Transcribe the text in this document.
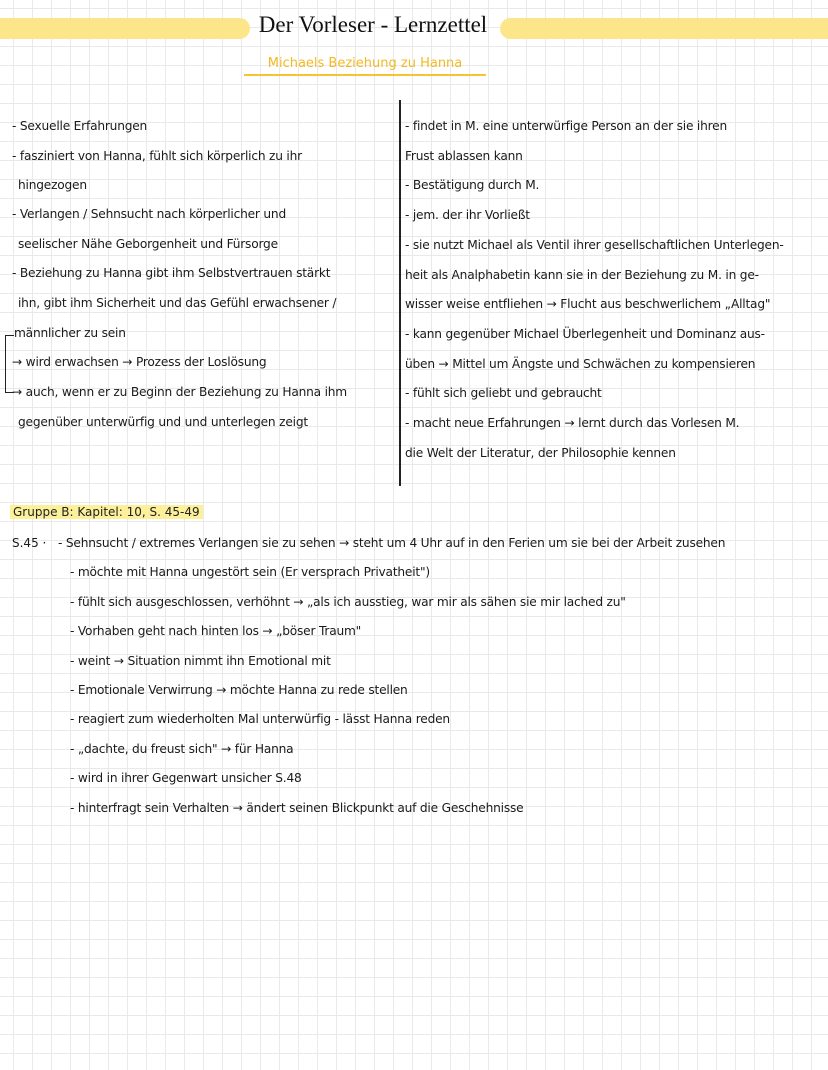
Der Vorleser - Lernzettel
Michaels Beziehung zu Hanna
- Sexuelle Erfahrungen
- fasziniert von Hanna, fühlt sich körperlich zu ihr
hingezogen
- Verlangen / Sehnsucht nach körperlicher und
seelischer Nähe Geborgenheit und Fürsorge
- Beziehung zu Hanna gibt ihm Selbstvertrauen stärkt
ihn, gibt ihm Sicherheit und das Gefühl erwachsener /
männlicher zu sein
→ wird erwachsen → Prozess der Loslösung
→ auch, wenn er zu Beginn der Beziehung zu Hanna ihm
gegenüber unterwürfig und und unterlegen zeigt
- findet in M. eine unterwürfige Person an der sie ihren
Frust ablassen kann
- Bestätigung durch M.
- jem. der ihr Vorließt
- sie nutzt Michael als Ventil ihrer gesellschaftlichen Unterlegen-
heit als Analphabetin kann sie in der Beziehung zu M. in ge-
wisser weise entfliehen → Flucht aus beschwerlichem „Alltag"
- kann gegenüber Michael Überlegenheit und Dominanz aus-
üben → Mittel um Ängste und Schwächen zu kompensieren
- fühlt sich geliebt und gebraucht
- macht neue Erfahrungen → lernt durch das Vorlesen M.
die Welt der Literatur, der Philosophie kennen
Gruppe B: Kapitel: 10, S. 45-49
S.45 · - Sehnsucht / extremes Verlangen sie zu sehen → steht um 4 Uhr auf in den Ferien um sie bei der Arbeit zusehen
- möchte mit Hanna ungestört sein (Er versprach Privatheit")
- fühlt sich ausgeschlossen, verhöhnt → „als ich ausstieg, war mir als sähen sie mir lached zu"
- Vorhaben geht nach hinten los → „böser Traum"
- weint → Situation nimmt ihn Emotional mit
- Emotionale Verwirrung → möchte Hanna zu rede stellen
- reagiert zum wiederholten Mal unterwürfig - lässt Hanna reden
- „dachte, du freust sich" → für Hanna
- wird in ihrer Gegenwart unsicher S.48
- hinterfragt sein Verhalten → ändert seinen Blickpunkt auf die Geschehnisse
